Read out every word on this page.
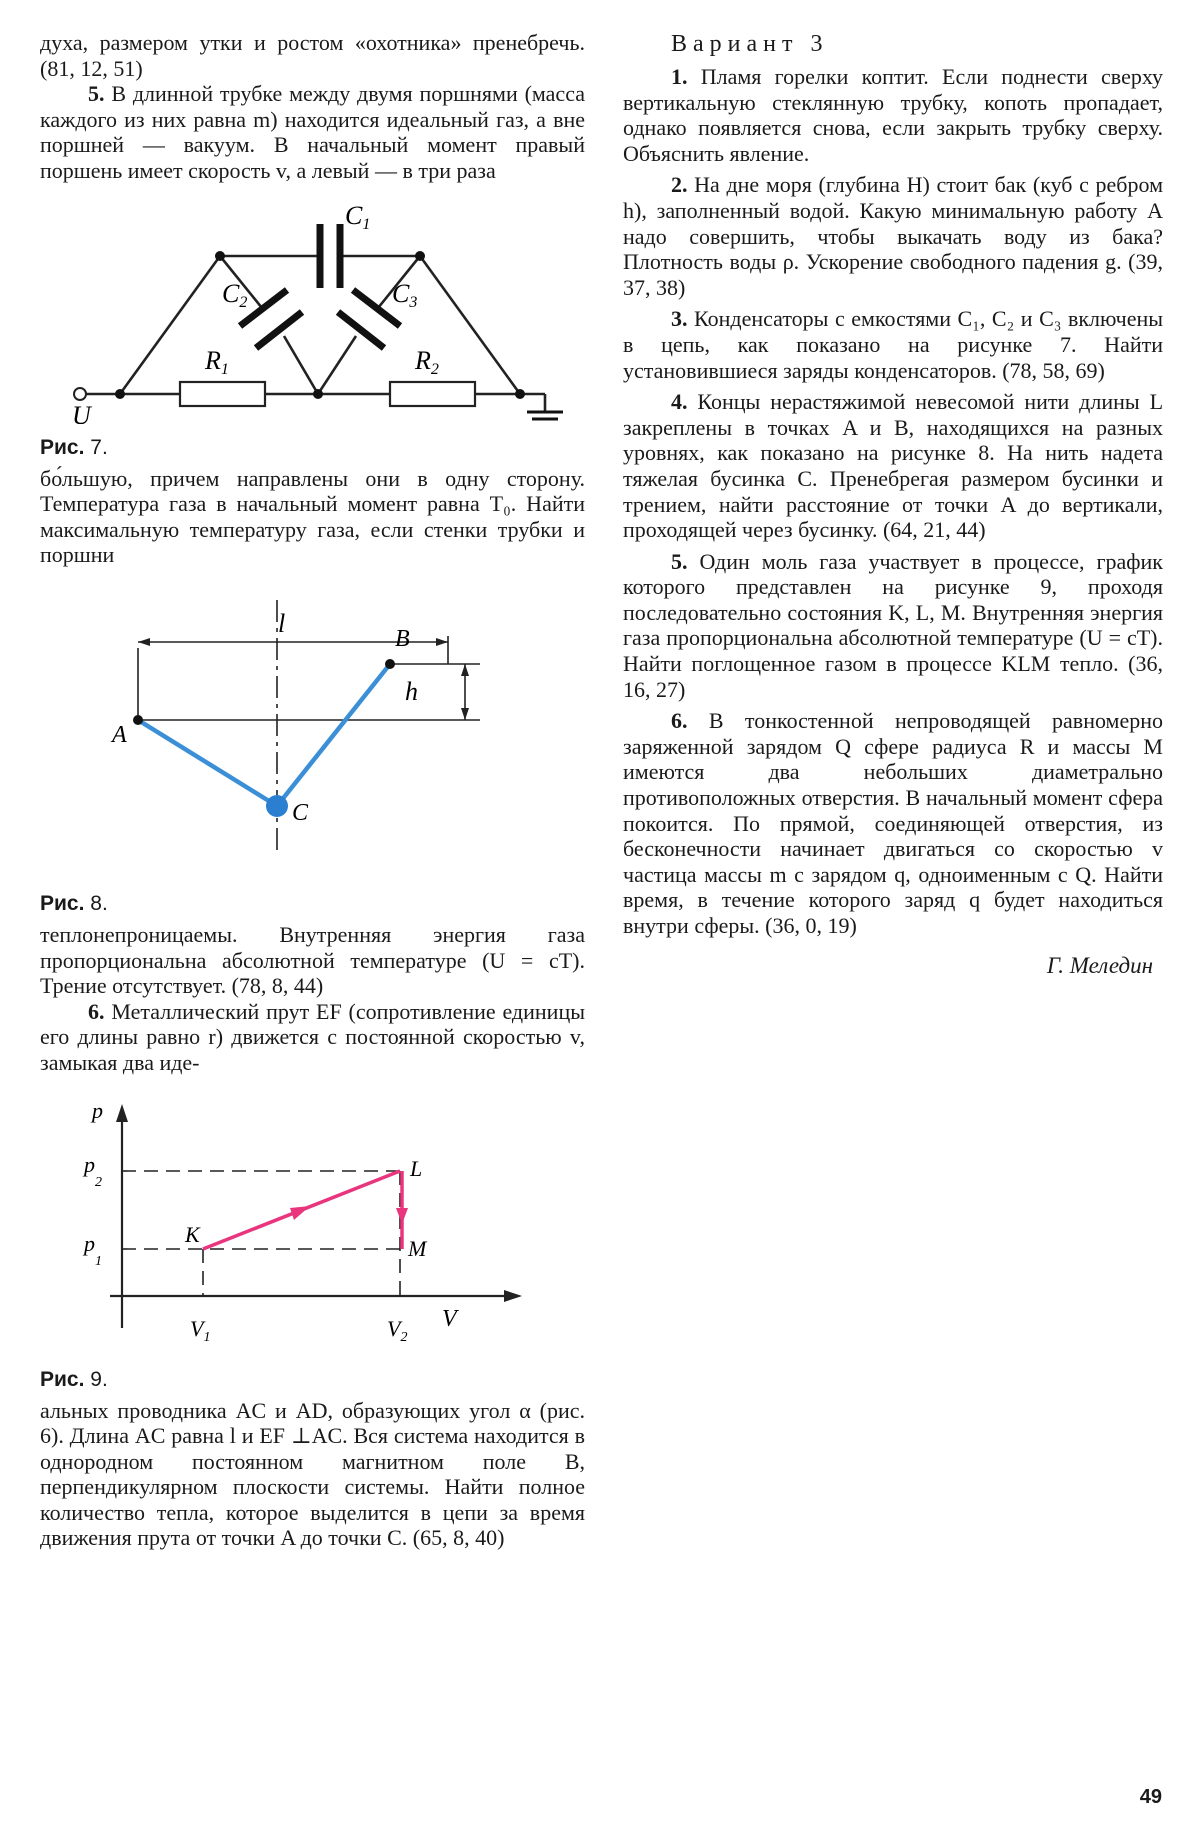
духа, размером утки и ростом «охотника» пренебречь. (81, 12, 51)

5. В длинной трубке между двумя поршнями (масса каждого из них равна m) находится идеальный газ, а вне поршней — вакуум. В начальный момент правый поршень имеет скорость v, а левый — в три раза

C1
C2	C3
R1	R2
U
Рис. 7.

бо́льшую, причем направлены они в одну сторону. Температура газа в начальный момент равна T₀. Найти максимальную температуру газа, если стенки трубки и поршни

l
B
h
A
C
Рис. 8.

теплонепроницаемы. Внутренняя энергия газа пропорциональна абсолютной температуре (U = cT). Трение отсутствует. (78, 8, 44)

6. Металлический прут EF (сопротивление единицы его длины равно r) движется с постоянной скоростью v, замыкая два иде-

p
V
$p_2$
$p_1$
$V_1$	$V_2$
K
L
M
Рис. 9.

альных проводника AC и AD, образующих угол α (рис. 6). Длина AC равна l и EF ⊥AC. Вся система находится в однородном постоянном магнитном поле B, перпендикулярном плоскости системы. Найти полное количество тепла, которое выделится в цепи за время движения прута от точки A до точки C. (65, 8, 40)

Вариант 3

1. Пламя горелки коптит. Если поднести сверху вертикальную стеклянную трубку, копоть пропадает, однако появляется снова, если закрыть трубку сверху. Объяснить явление.

2. На дне моря (глубина H) стоит бак (куб с ребром h), заполненный водой. Какую минимальную работу A надо совершить, чтобы выкачать воду из бака? Плотность воды ρ. Ускорение свободного падения g. (39, 37, 38)

3. Конденсаторы с емкостями C₁, C₂ и C₃ включены в цепь, как показано на рисунке 7. Найти установившиеся заряды конденсаторов. (78, 58, 69)

4. Концы нерастяжимой невесомой нити длины L закреплены в точках A и B, находящихся на разных уровнях, как показано на рисунке 8. На нить надета тяжелая бусинка C. Пренебрегая размером бусинки и трением, найти расстояние от точки A до вертикали, проходящей через бусинку. (64, 21, 44)

5. Один моль газа участвует в процессе, график которого представлен на рисунке 9, проходя последовательно состояния K, L, M. Внутренняя энергия газа пропорциональна абсолютной температуре (U = cT). Найти поглощенное газом в процессе KLM тепло. (36, 16, 27)

6. В тонкостенной непроводящей равномерно заряженной зарядом Q сфере радиуса R и массы M имеются два небольших диаметрально противоположных отверстия. В начальный момент сфера покоится. По прямой, соединяющей отверстия, из бесконечности начинает двигаться со скоростью v частица массы m с зарядом q, одноименным с Q. Найти время, в течение которого заряд q будет находиться внутри сферы. (36, 0, 19)

Г. Меледин
49
